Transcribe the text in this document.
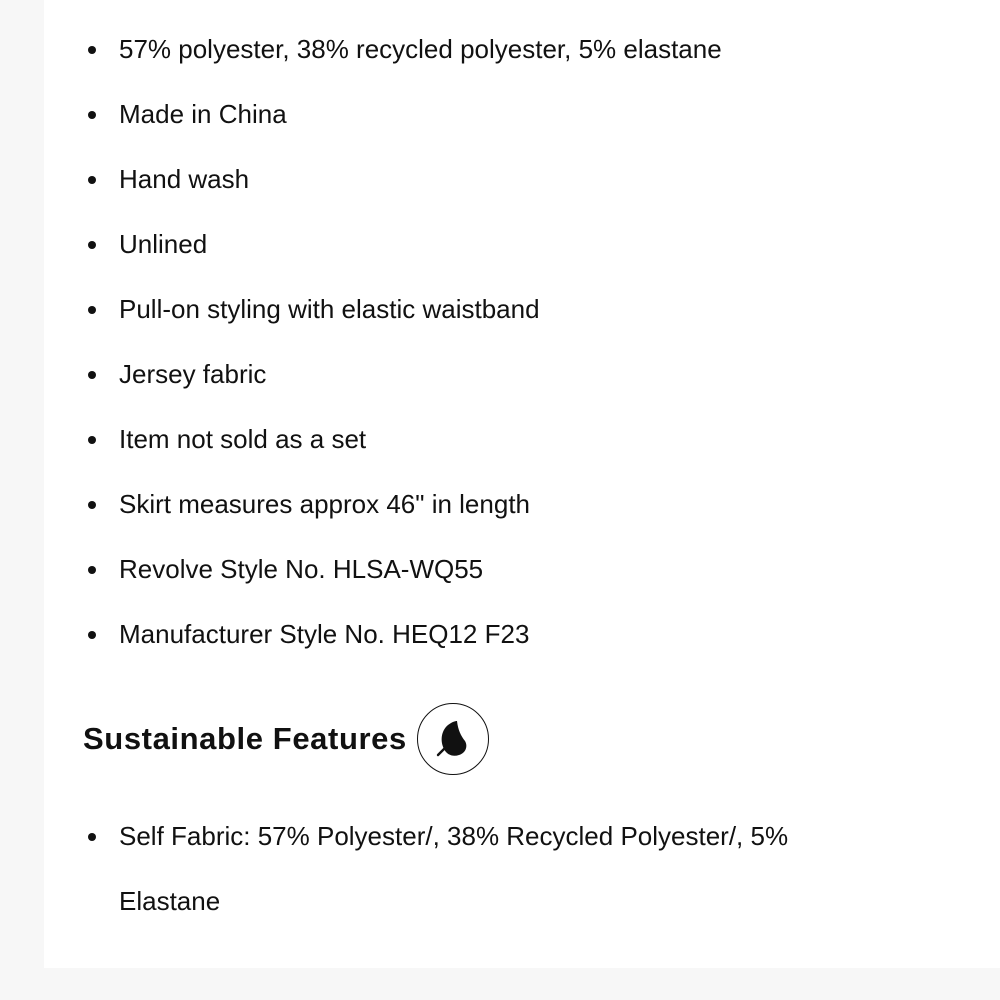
57% polyester, 38% recycled polyester, 5% elastane
Made in China
Hand wash
Unlined
Pull-on styling with elastic waistband
Jersey fabric
Item not sold as a set
Skirt measures approx 46" in length
Revolve Style No. HLSA-WQ55
Manufacturer Style No. HEQ12 F23
Sustainable Features
Self Fabric: 57% Polyester/, 38% Recycled Polyester/, 5% Elastane
